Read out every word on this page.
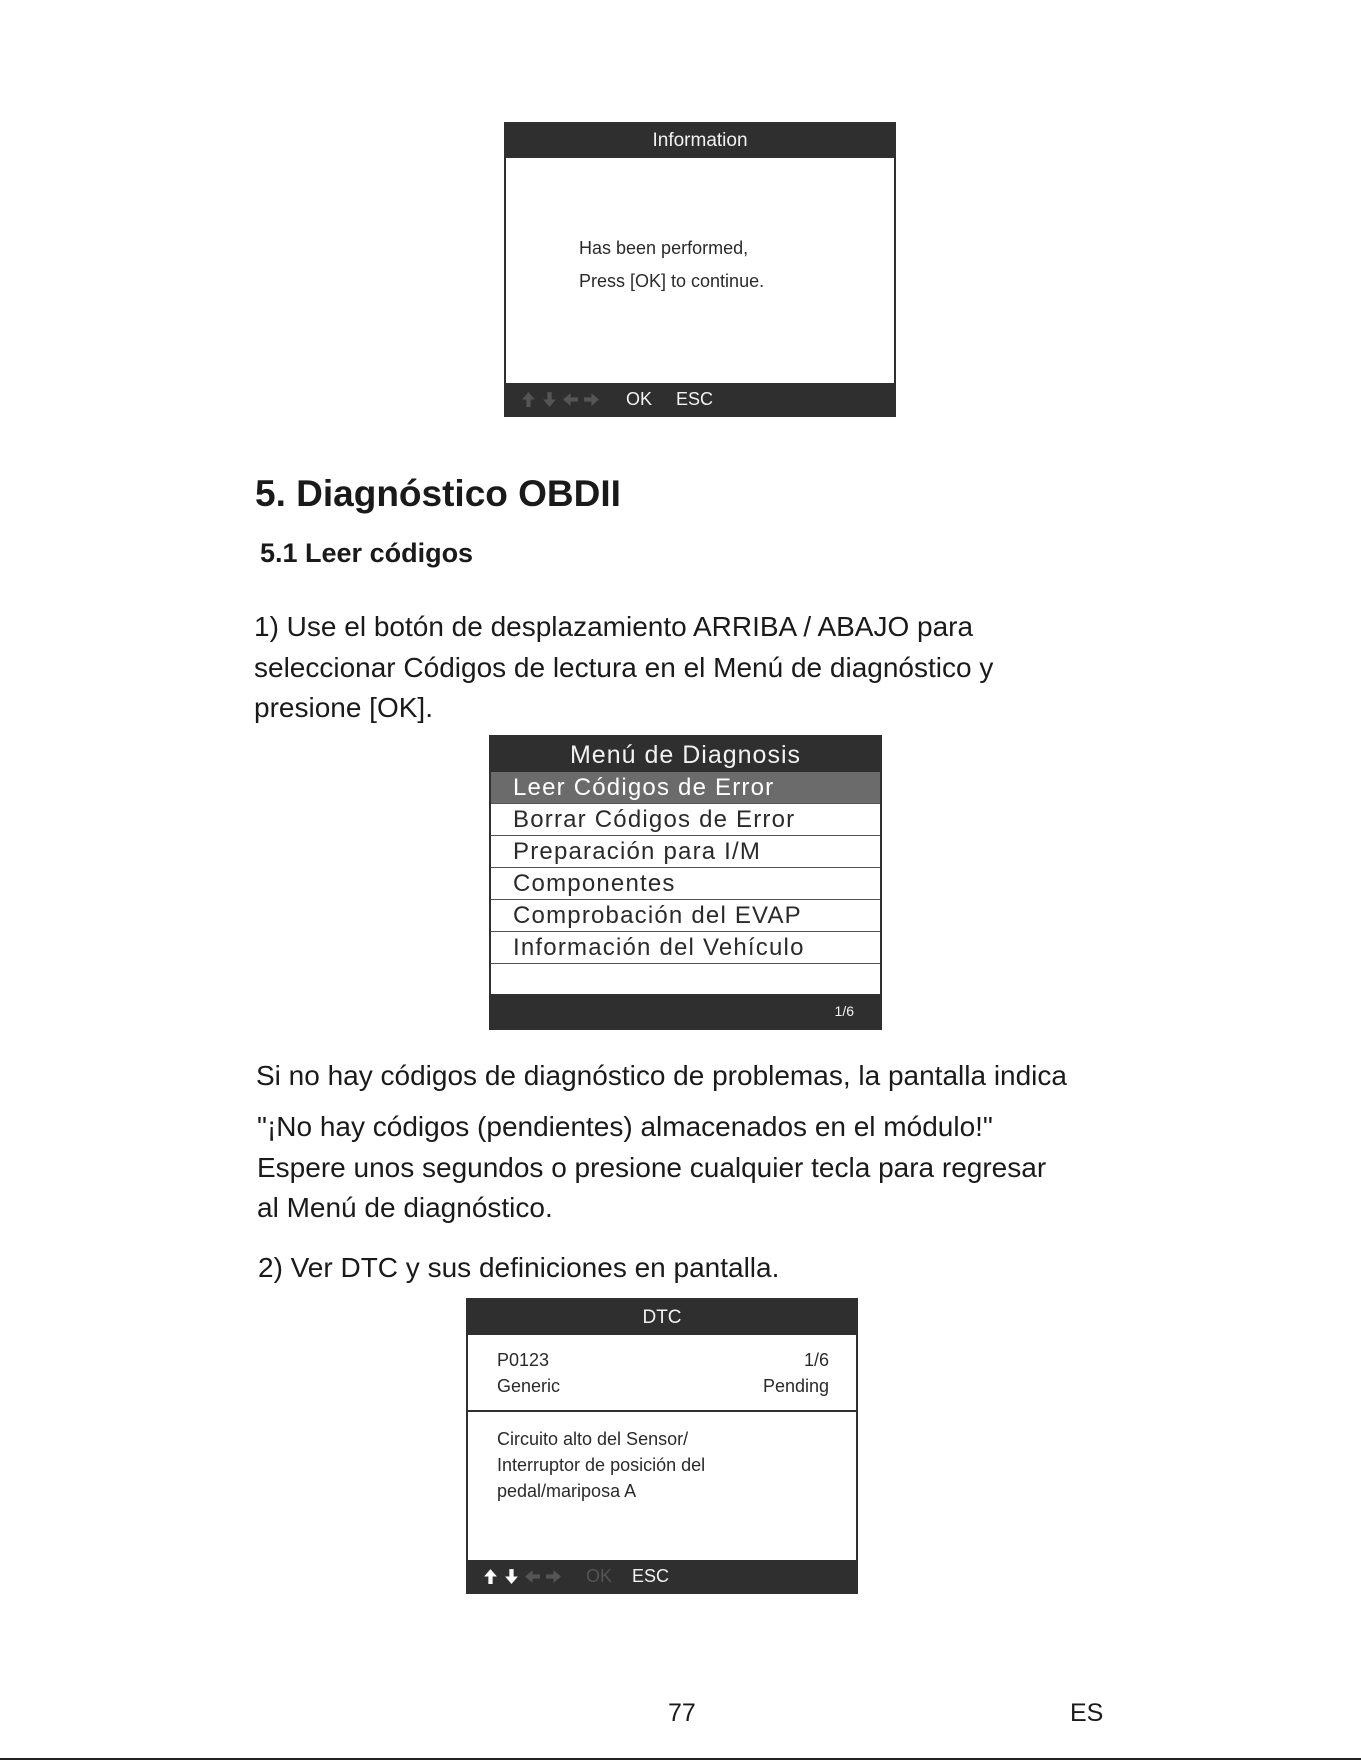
Information
Has been performed,
Press [OK] to continue.
OK ESC
5. Diagnóstico OBDII
5.1 Leer códigos
1) Use el botón de desplazamiento ARRIBA / ABAJO para
seleccionar Códigos de lectura en el Menú de diagnóstico y
presione [OK].
Menú de Diagnosis
Leer Códigos de Error
Borrar Códigos de Error
Preparación para I/M
Componentes
Comprobación del EVAP
Información del Vehículo
1/6
Si no hay códigos de diagnóstico de problemas, la pantalla indica
"¡No hay códigos (pendientes) almacenados en el módulo!"
Espere unos segundos o presione cualquier tecla para regresar
al Menú de diagnóstico.
2) Ver DTC y sus definiciones en pantalla.
DTC
P0123	1/6
Generic	Pending
Circuito alto del Sensor/
Interruptor de posición del
pedal/mariposa A
OK ESC
77	ES
